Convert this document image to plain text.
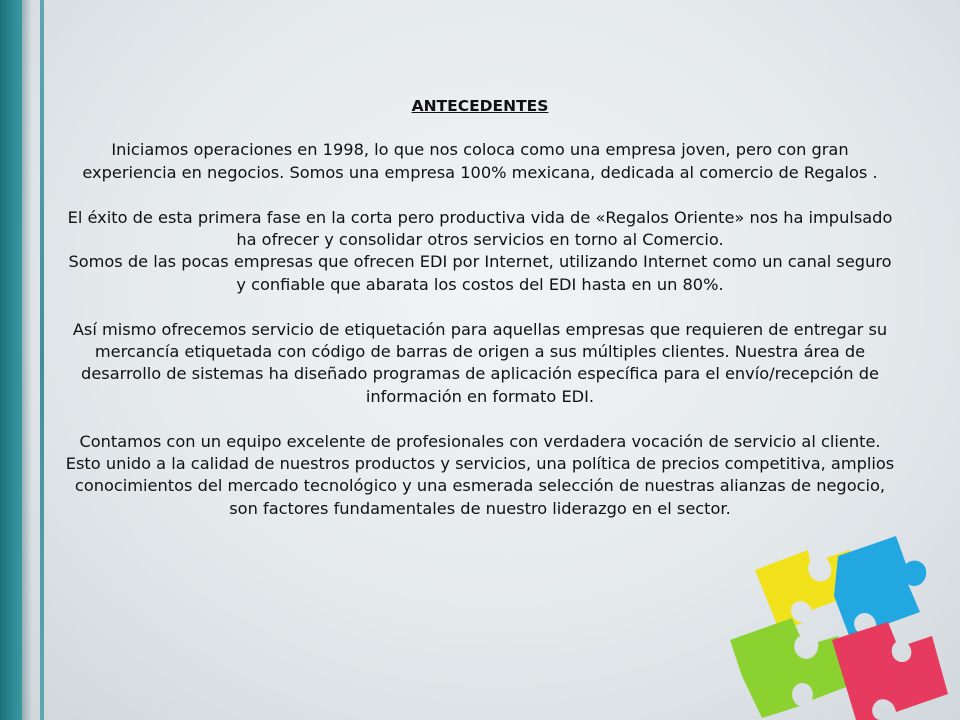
ANTECEDENTES

Iniciamos operaciones en 1998, lo que nos coloca como una empresa joven, pero con gran experiencia en negocios. Somos una empresa 100% mexicana, dedicada al comercio de Regalos .

El éxito de esta primera fase en la corta pero productiva vida de «Regalos Oriente» nos ha impulsado ha ofrecer y consolidar otros servicios en torno al Comercio.

Somos de las pocas empresas que ofrecen EDI por Internet, utilizando Internet como un canal seguro y confiable que abarata los costos del EDI hasta en un 80%.

Así mismo ofrecemos servicio de etiquetación para aquellas empresas que requieren de entregar su mercancía etiquetada con código de barras de origen a sus múltiples clientes. Nuestra área de desarrollo de sistemas ha diseñado programas de aplicación específica para el envío/recepción de información en formato EDI.

Contamos con un equipo excelente de profesionales con verdadera vocación de servicio al cliente.

Esto unido a la calidad de nuestros productos y servicios, una política de precios competitiva, amplios conocimientos del mercado tecnológico y una esmerada selección de nuestras alianzas de negocio, son factores fundamentales de nuestro liderazgo en el sector.
